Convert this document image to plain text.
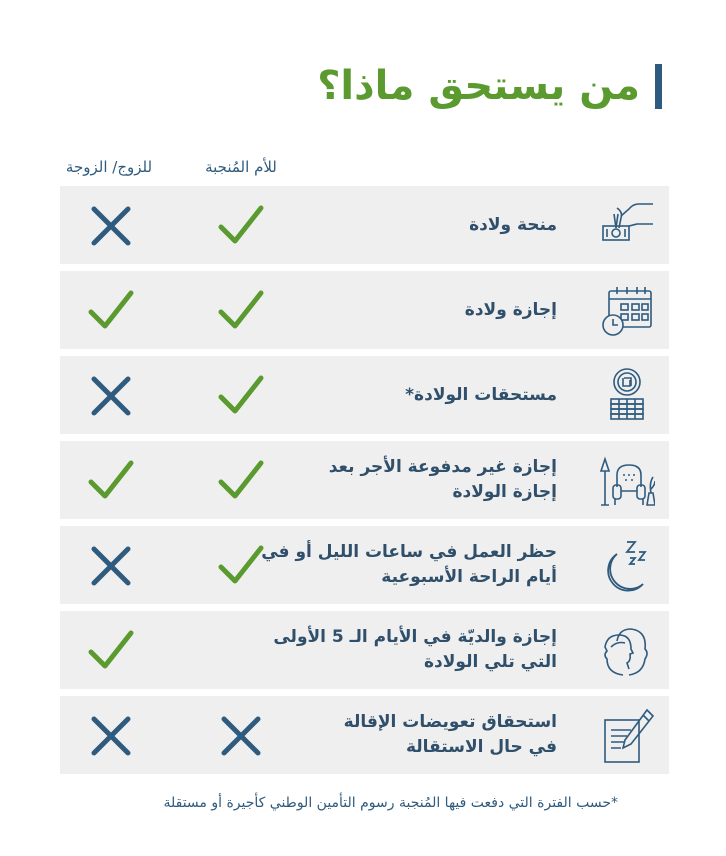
من يستحق ماذا؟
للأم المُنجبة
للزوج/ الزوجة
منحة ولادة
إجازة ولادة
مستحقات الولادة*
إجازة غير مدفوعة الأجر بعد
إجازة الولادة
حظر العمل في ساعات الليل أو في
أيام الراحة الأسبوعية
إجازة والديّة في الأيام الـ 5 الأولى
التي تلي الولادة
استحقاق تعويضات الإقالة
في حال الاستقالة
*حسب الفترة التي دفعت فيها المُنجبة رسوم التأمين الوطني كأجيرة أو مستقلة
